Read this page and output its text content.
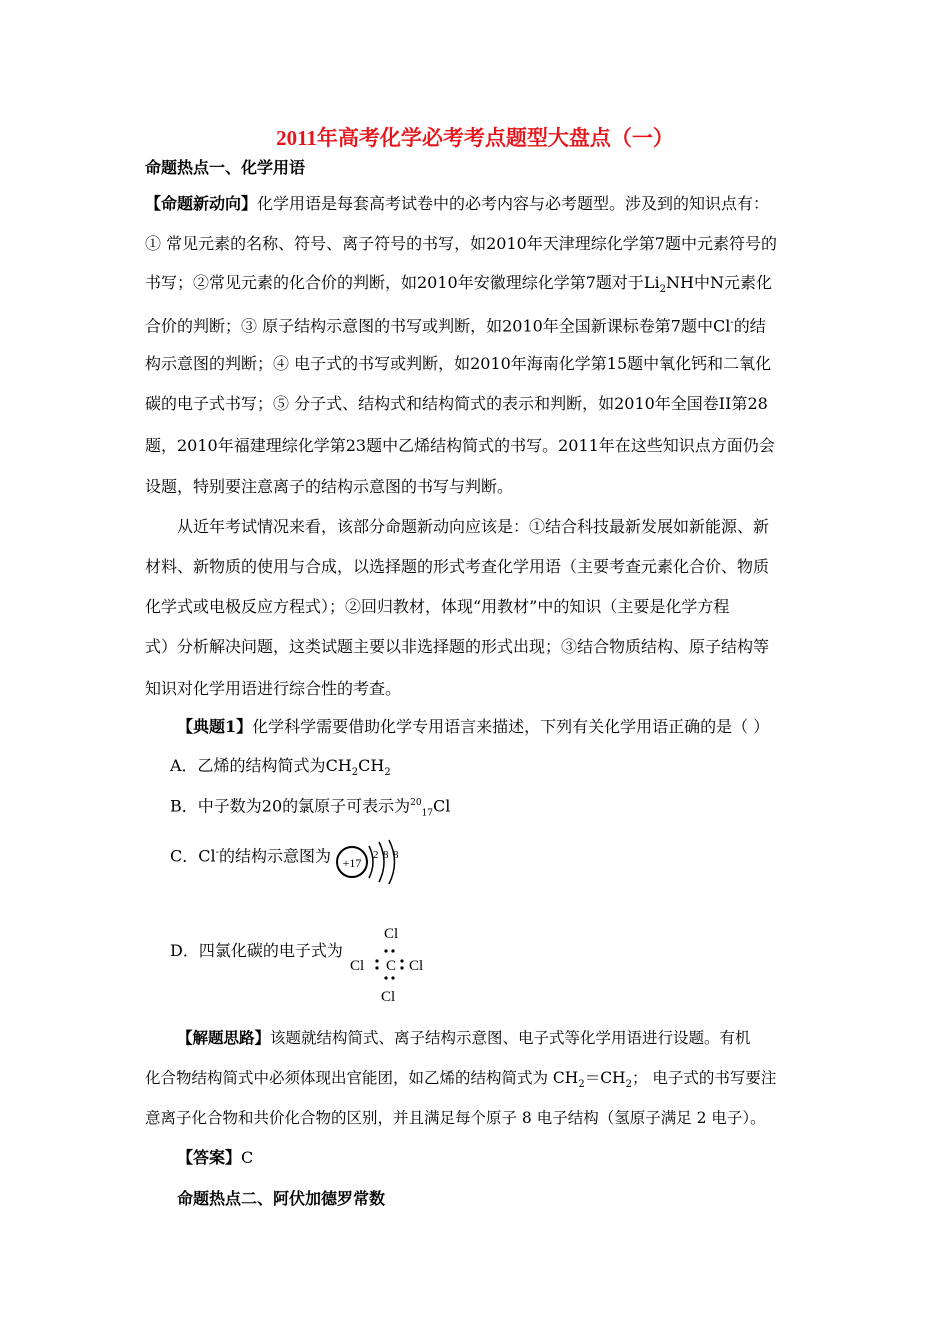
2011年高考化学必考考点题型大盘点（一）
命题热点一、化学用语
【命题新动向】化学用语是每套高考试卷中的必考内容与必考题型。涉及到的知识点有：
① 常见元素的名称、符号、离子符号的书写，如2010年天津理综化学第7题中元素符号的
书写；②常见元素的化合价的判断，如2010年安徽理综化学第7题对于$Li_2NH$中N元素化
合价的判断；③ 原子结构示意图的书写或判断，如2010年全国新课标卷第7题中Cl-的结
构示意图的判断；④ 电子式的书写或判断，如2010年海南化学第15题中氧化钙和二氧化
碳的电子式书写；⑤ 分子式、结构式和结构简式的表示和判断，如2010年全国卷II第28
题，2010年福建理综化学第23题中乙烯结构简式的书写。2011年在这些知识点方面仍会
设题，特别要注意离子的结构示意图的书写与判断。
从近年考试情况来看，该部分命题新动向应该是：①结合科技最新发展如新能源、新
材料、新物质的使用与合成，以选择题的形式考查化学用语（主要考查元素化合价、物质
化学式或电极反应方程式）；②回归教材，体现“用教材”中的知识（主要是化学方程
式）分析解决问题，这类试题主要以非选择题的形式出现；③结合物质结构、原子结构等
知识对化学用语进行综合性的考查。
【典题1】化学科学需要借助化学专用语言来描述，下列有关化学用语正确的是（ ）
A．乙烯的结构简式为$CH_2CH_2$
B．中子数为20的氯原子可表示为$^{20}_{17}$Cl
C．Cl-的结构示意图为 +17
2 8 8
D．四氯化碳的电子式为
Cl
Cl C Cl
Cl
【解题思路】该题就结构简式、离子结构示意图、电子式等化学用语进行设题。有机
化合物结构简式中必须体现出官能团，如乙烯的结构简式为 $CH_2=CH_2$； 电子式的书写要注
意离子化合物和共价化合物的区别，并且满足每个原子 8 电子结构（氢原子满足 2 电子）。
【答案】C
命题热点二、阿伏加德罗常数
